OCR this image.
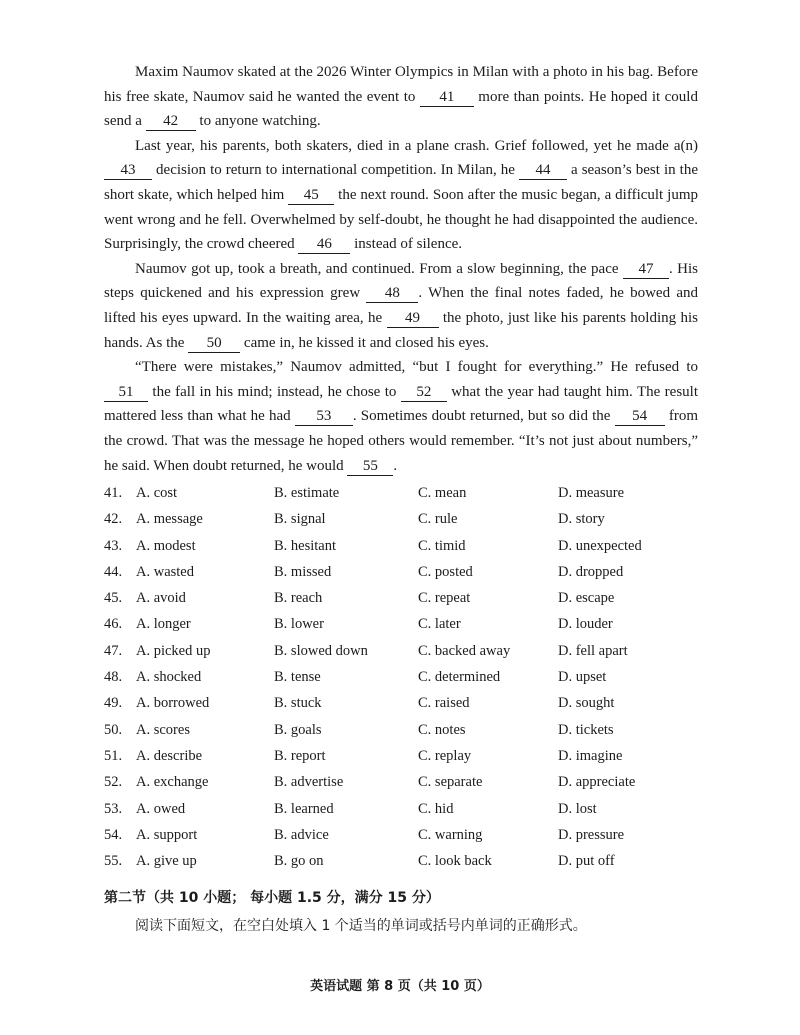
Maxim Naumov skated at the 2026 Winter Olympics in Milan with a photo in his bag. Before his free skate, Naumov said he wanted the event to 41 more than points. He hoped it could send a 42 to anyone watching.

Last year, his parents, both skaters, died in a plane crash. Grief followed, yet he made a(n) 43 decision to return to international competition. In Milan, he 44 a season’s best in the short skate, which helped him 45 the next round. Soon after the music began, a difficult jump went wrong and he fell. Overwhelmed by self-doubt, he thought he had disappointed the audience. Surprisingly, the crowd cheered 46 instead of silence.

Naumov got up, took a breath, and continued. From a slow beginning, the pace 47 . His steps quickened and his expression grew 48 . When the final notes faded, he bowed and lifted his eyes upward. In the waiting area, he 49 the photo, just like his parents holding his hands. As the 50 came in, he kissed it and closed his eyes.

“There were mistakes,” Naumov admitted, “but I fought for everything.” He refused to 51 the fall in his mind; instead, he chose to 52 what the year had taught him. The result mattered less than what he had 53 . Sometimes doubt returned, but so did the 54 from the crowd. That was the message he hoped others would remember. “It’s not just about numbers,” he said. When doubt returned, he would 55 .

41. A. cost	B. estimate	C. mean	D. measure
42. A. message	B. signal	C. rule	D. story
43. A. modest	B. hesitant	C. timid	D. unexpected
44. A. wasted	B. missed	C. posted	D. dropped
45. A. avoid	B. reach	C. repeat	D. escape
46. A. longer	B. lower	C. later	D. louder
47. A. picked up	B. slowed down	C. backed away	D. fell apart
48. A. shocked	B. tense	C. determined	D. upset
49. A. borrowed	B. stuck	C. raised	D. sought
50. A. scores	B. goals	C. notes	D. tickets
51. A. describe	B. report	C. replay	D. imagine
52. A. exchange	B. advertise	C. separate	D. appreciate
53. A. owed	B. learned	C. hid	D. lost
54. A. support	B. advice	C. warning	D. pressure
55. A. give up	B. go on	C. look back	D. put off
第二节（共 10 小题； 每小题 1.5 分，满分 15 分）
阅读下面短文，在空白处填入 1 个适当的单词或括号内单词的正确形式。
英语试题 第 8 页（共 10 页）
